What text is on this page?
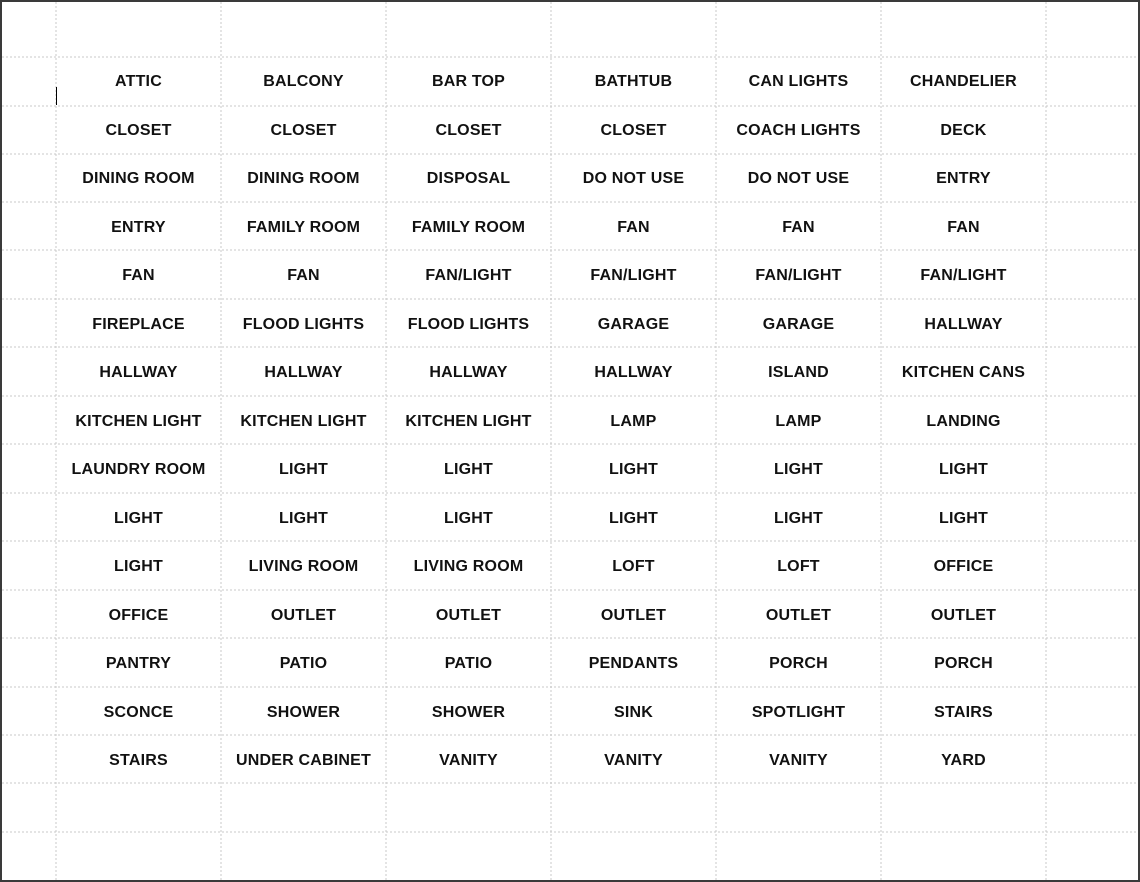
ATTIC	BALCONY	BAR TOP	BATHTUB	CAN LIGHTS	CHANDELIER
CLOSET	CLOSET	CLOSET	CLOSET	COACH LIGHTS	DECK
DINING ROOM	DINING ROOM	DISPOSAL	DO NOT USE	DO NOT USE	ENTRY
ENTRY	FAMILY ROOM	FAMILY ROOM	FAN	FAN	FAN
FAN	FAN	FAN/LIGHT	FAN/LIGHT	FAN/LIGHT	FAN/LIGHT
FIREPLACE	FLOOD LIGHTS	FLOOD LIGHTS	GARAGE	GARAGE	HALLWAY
HALLWAY	HALLWAY	HALLWAY	HALLWAY	ISLAND	KITCHEN CANS
KITCHEN LIGHT	KITCHEN LIGHT	KITCHEN LIGHT	LAMP	LAMP	LANDING
LAUNDRY ROOM	LIGHT	LIGHT	LIGHT	LIGHT	LIGHT
LIGHT	LIGHT	LIGHT	LIGHT	LIGHT	LIGHT
LIGHT	LIVING ROOM	LIVING ROOM	LOFT	LOFT	OFFICE
OFFICE	OUTLET	OUTLET	OUTLET	OUTLET	OUTLET
PANTRY	PATIO	PATIO	PENDANTS	PORCH	PORCH
SCONCE	SHOWER	SHOWER	SINK	SPOTLIGHT	STAIRS
STAIRS	UNDER CABINET	VANITY	VANITY	VANITY	YARD
